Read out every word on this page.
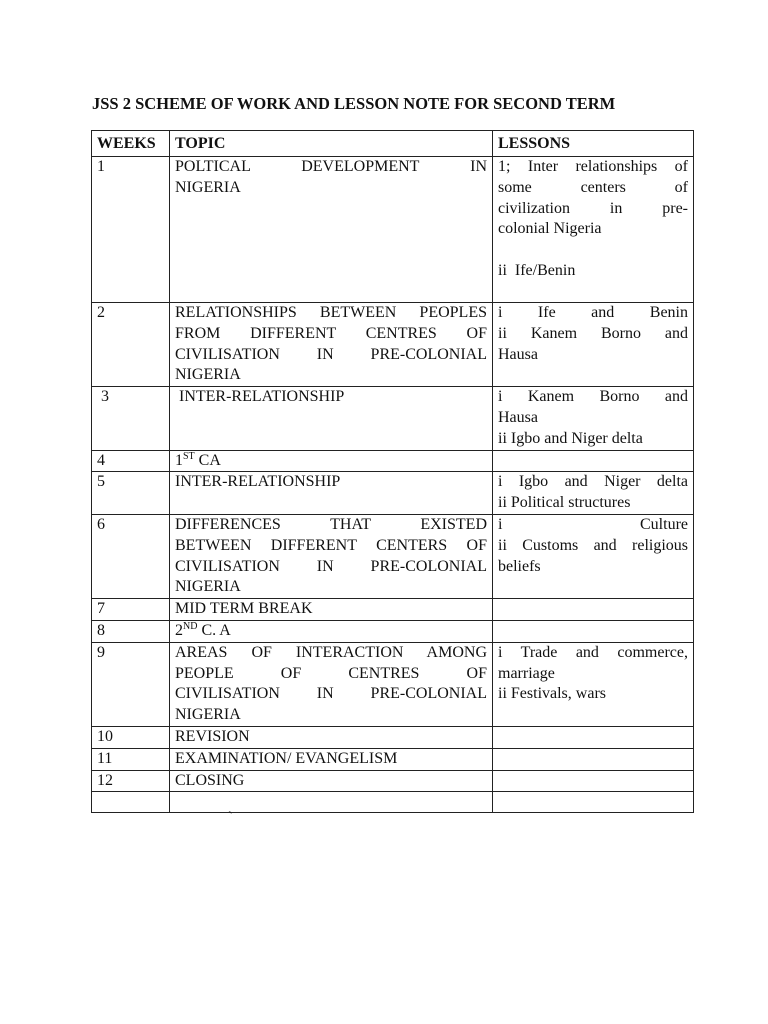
JSS 2 SCHEME OF WORK AND LESSON NOTE FOR SECOND TERM
WEEKS	TOPIC	LESSONS
1	POLTICAL DEVELOPMENT IN
NIGERIA	1; Inter relationships of
some centers of
civilization in pre-
colonial Nigeria
ii  Ife/Benin

2	RELATIONSHIPS BETWEEN PEOPLES
FROM DIFFERENT CENTRES OF
CIVILISATION IN PRE-COLONIAL
NIGERIA	i Ife and Benin
ii Kanem Borno and
Hausa

3	INTER-RELATIONSHIP	i Kanem Borno and
Hausa
ii Igbo and Niger delta

4	1ST CA	
5	INTER-RELATIONSHIP	i Igbo and Niger delta
ii Political structures

6	DIFFERENCES THAT EXISTED
BETWEEN DIFFERENT CENTERS OF
CIVILISATION IN PRE-COLONIAL
NIGERIA	i Culture
ii Customs and religious
beliefs

7	MID TERM BREAK	

8	2ND C. A	
9	AREAS OF INTERACTION AMONG
PEOPLE OF CENTRES OF
CIVILISATION IN PRE-COLONIAL
NIGERIA	i Trade and commerce,
marriage
ii Festivals, wars

10	REVISION	

11	EXAMINATION/ EVANGELISM	

12	CLOSING	

`
